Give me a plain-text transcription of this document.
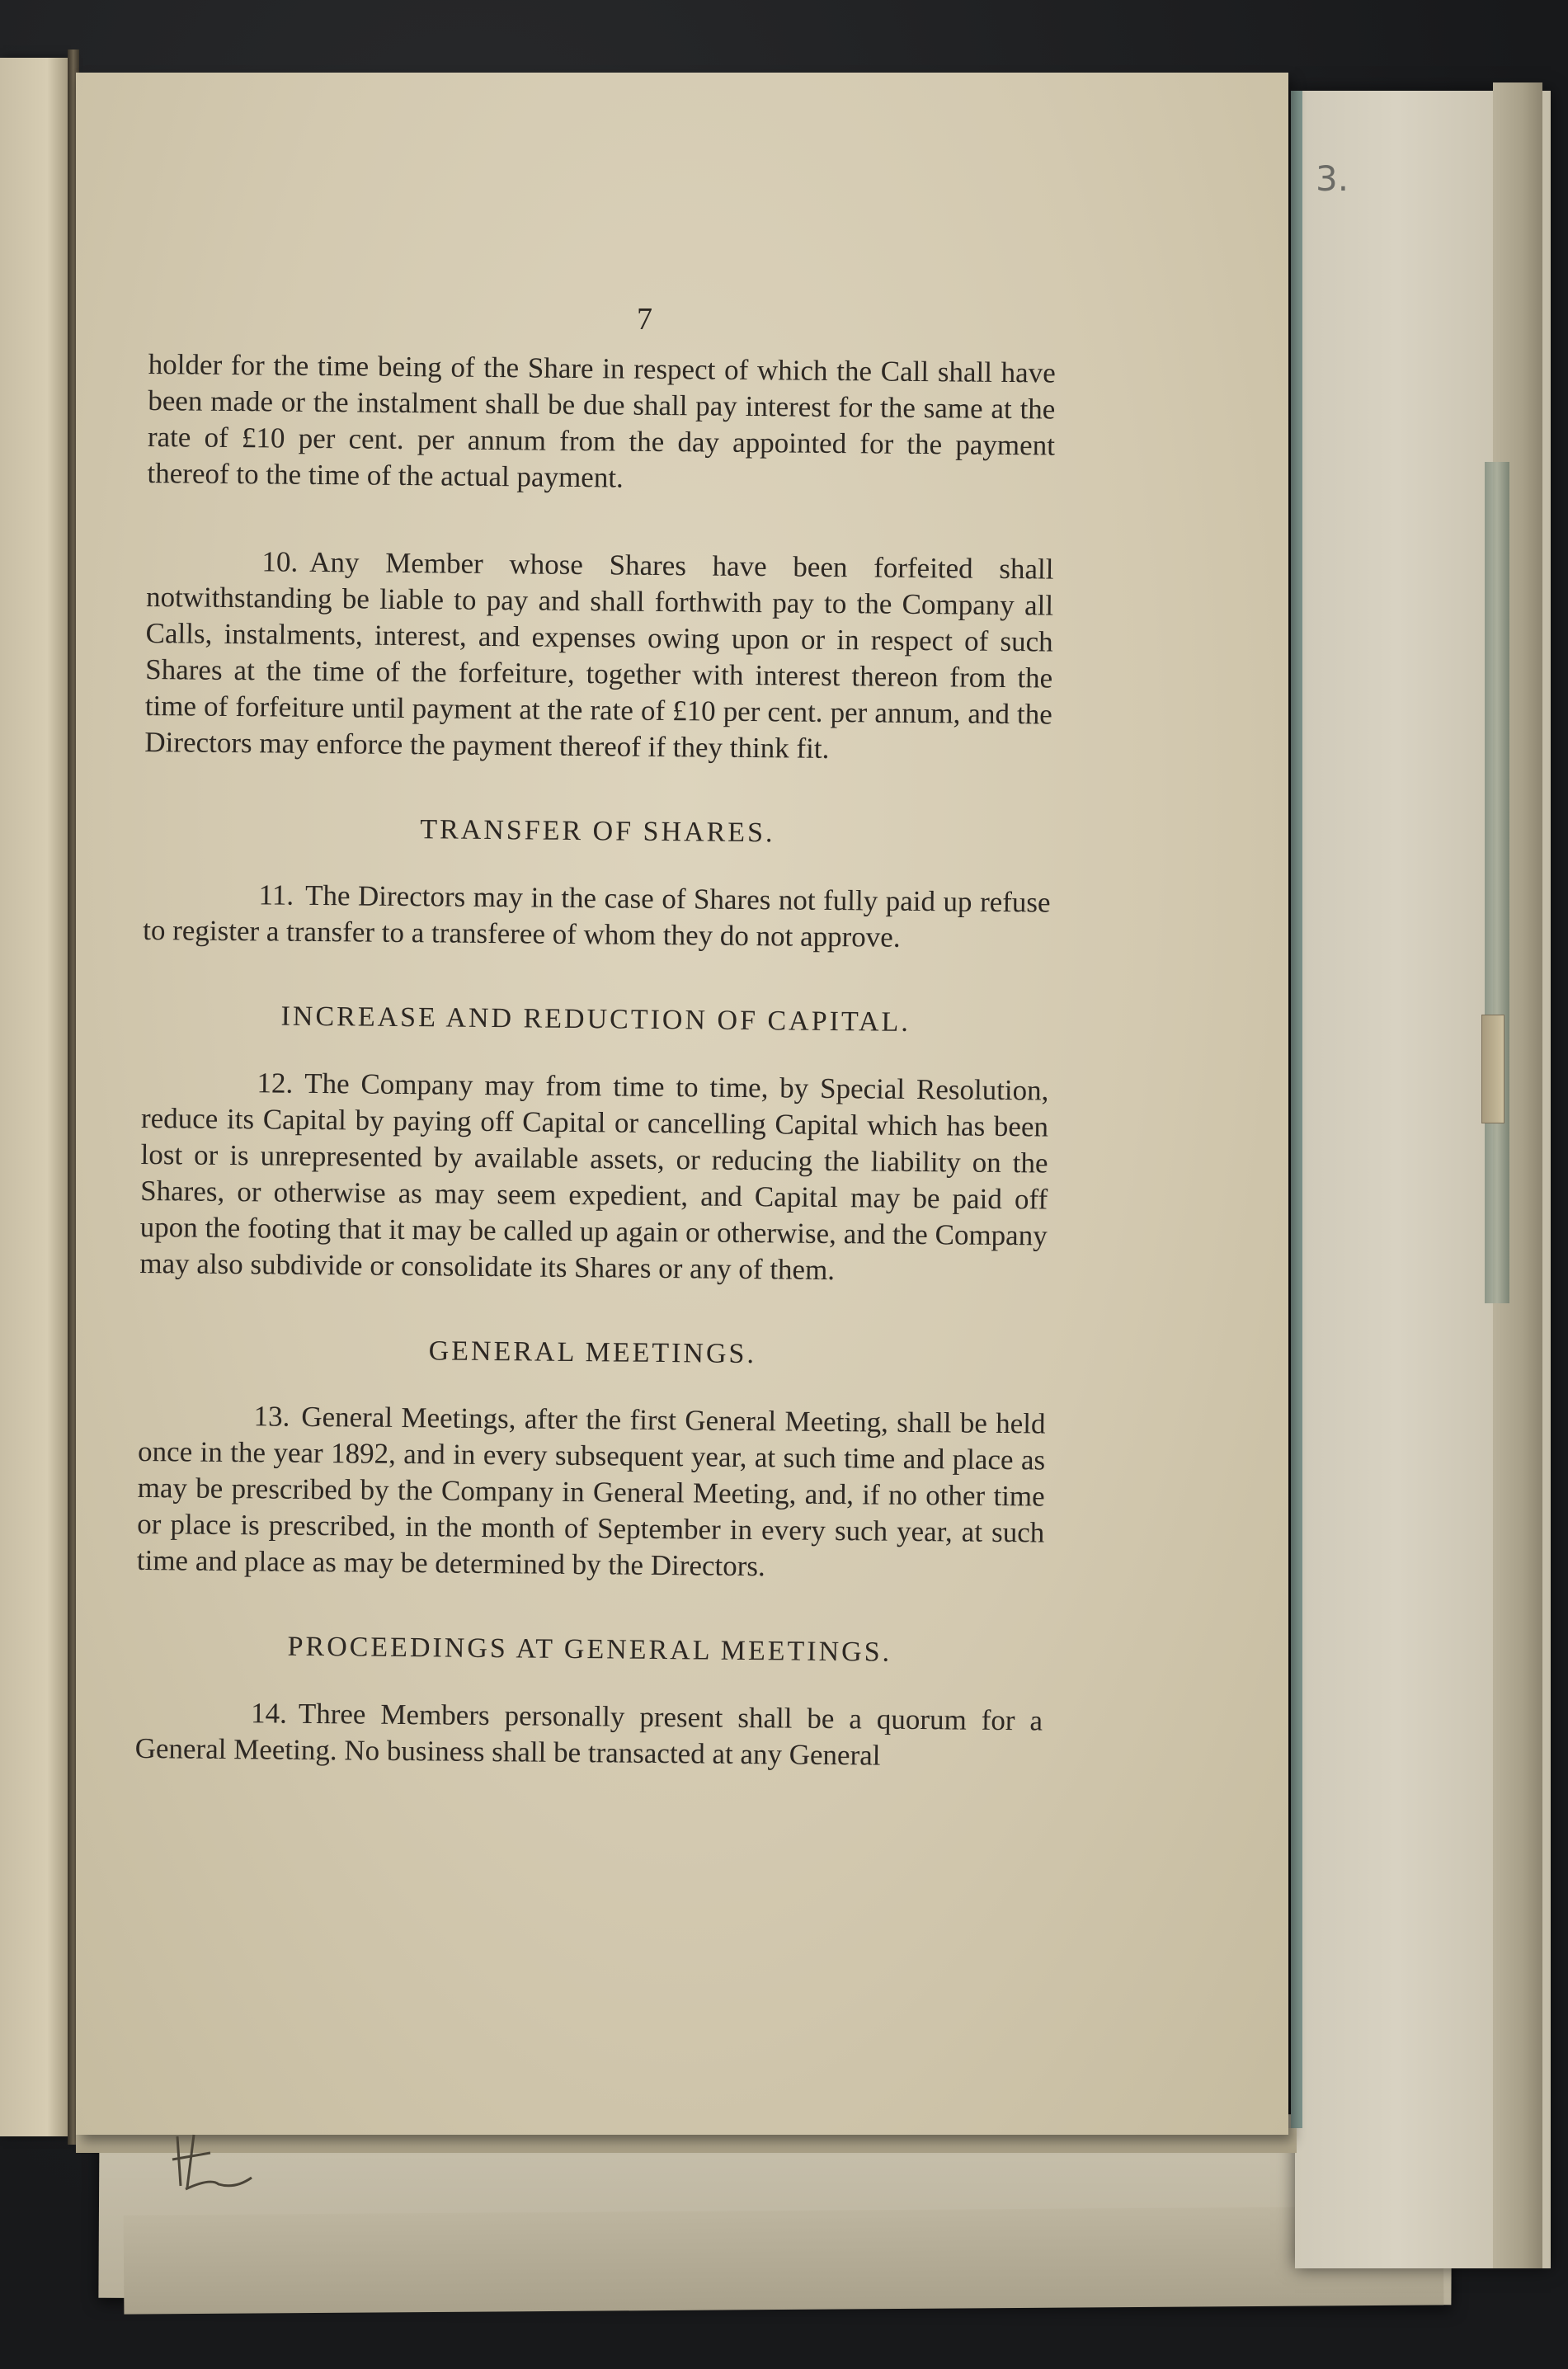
3.
7

holder for the time being of the Share in respect of which the Call shall have been made or the instalment shall be due shall pay interest for the same at the rate of £10 per cent. per annum from the day appointed for the payment thereof to the time of the actual payment.

10. Any Member whose Shares have been forfeited shall notwithstanding be liable to pay and shall forthwith pay to the Company all Calls, instalments, interest, and expenses owing upon or in respect of such Shares at the time of the forfeiture, together with interest thereon from the time of forfeiture until payment at the rate of £10 per cent. per annum, and the Directors may enforce the payment thereof if they think fit.

TRANSFER OF SHARES.

11. The Directors may in the case of Shares not fully paid up refuse to register a transfer to a transferee of whom they do not approve.

INCREASE AND REDUCTION OF CAPITAL.

12. The Company may from time to time, by Special Resolution, reduce its Capital by paying off Capital or cancelling Capital which has been lost or is unrepresented by available assets, or reducing the liability on the Shares, or otherwise as may seem expedient, and Capital may be paid off upon the footing that it may be called up again or otherwise, and the Company may also subdivide or consolidate its Shares or any of them.

GENERAL MEETINGS.

13. General Meetings, after the first General Meeting, shall be held once in the year 1892, and in every subsequent year, at such time and place as may be prescribed by the Company in General Meeting, and, if no other time or place is prescribed, in the month of September in every such year, at such time and place as may be determined by the Directors.

PROCEEDINGS AT GENERAL MEETINGS.

14. Three Members personally present shall be a quorum for a General Meeting. No business shall be transacted at any General
